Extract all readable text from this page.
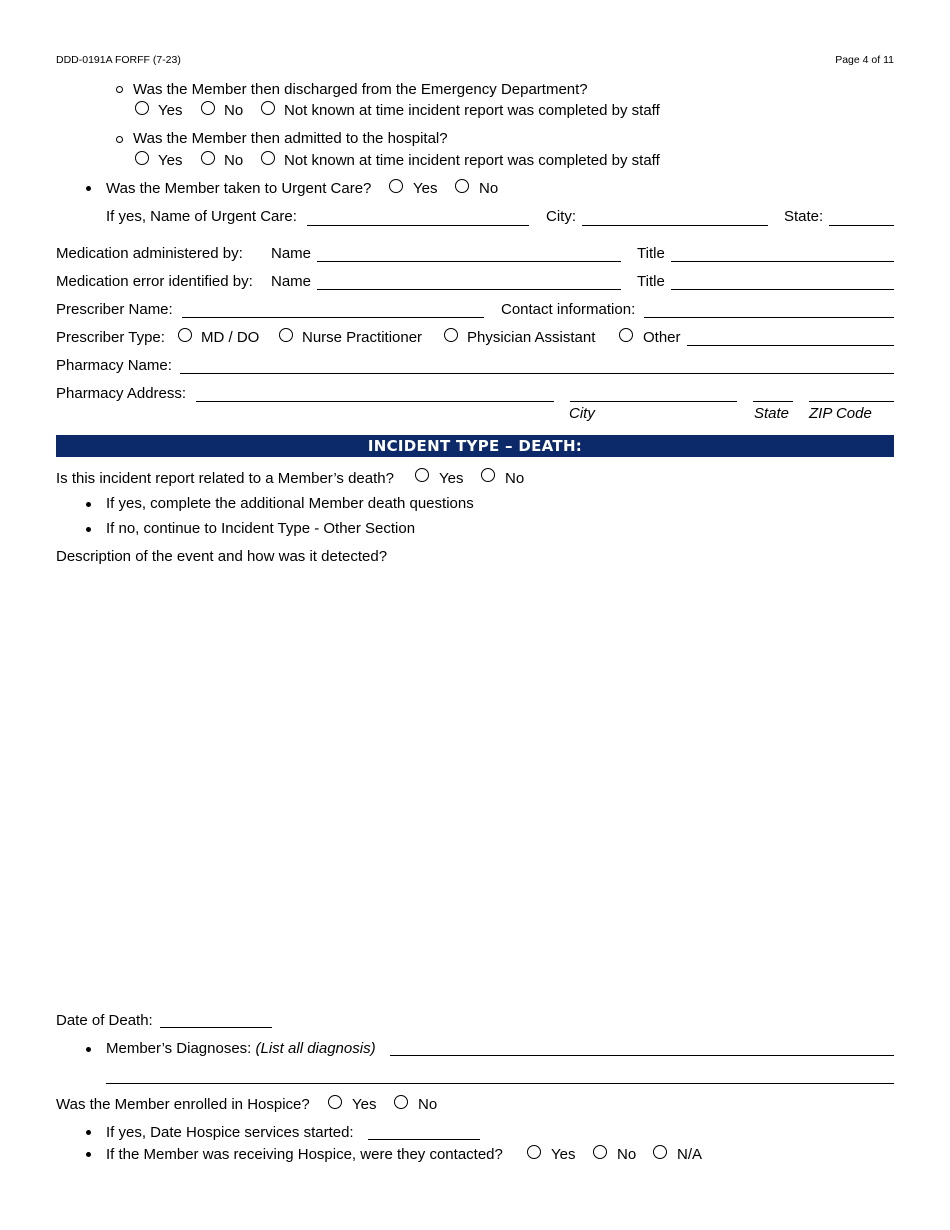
DDD-0191A FORFF (7-23)	Page 4 of 11
Was the Member then discharged from the Emergency Department?
Yes	No	Not known at time incident report was completed by staff
Was the Member then admitted to the hospital?
Yes	No	Not known at time incident report was completed by staff
Was the Member taken to Urgent Care?	Yes	No
If yes, Name of Urgent Care:	City:	State:
Medication administered by: Name	Title
Medication error identified by: Name	Title
Prescriber Name:	Contact information:
Prescriber Type: MD / DO	Nurse Practitioner	Physician Assistant	Other
Pharmacy Name:
Pharmacy Address:
City	State ZIP Code
INCIDENT TYPE – DEATH:
Is this incident report related to a Member’s death?	Yes	No
If yes, complete the additional Member death questions
If no, continue to Incident Type - Other Section
Description of the event and how was it detected?
Date of Death:
Member’s Diagnoses: (List all diagnosis)
Was the Member enrolled in Hospice?	Yes	No
If yes, Date Hospice services started:
If the Member was receiving Hospice, were they contacted?	Yes	No	N/A
